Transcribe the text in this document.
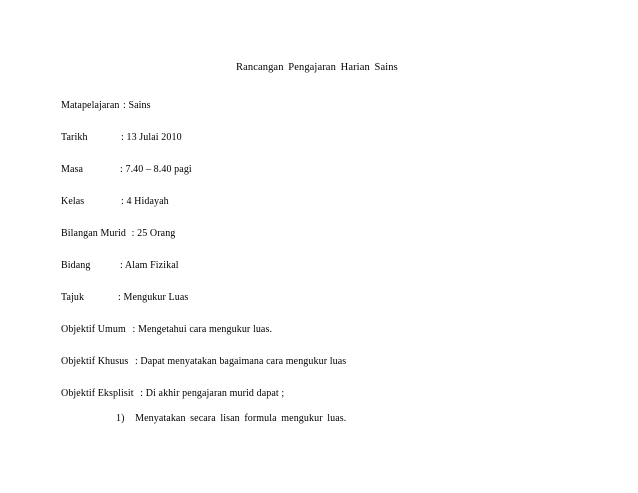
Rancangan Pengajaran Harian Sains
Matapelajaran : Sains
Tarikh	: 13 Julai 2010
Masa	: 7.40 – 8.40 pagi
Kelas	: 4 Hidayah
Bilangan Murid : 25 Orang
Bidang	: Alam Fizikal
Tajuk	: Mengukur Luas
Objektif Umum : Mengetahui cara mengukur luas.
Objektif Khusus : Dapat menyatakan bagaimana cara mengukur luas
Objektif Eksplisit : Di akhir pengajaran murid dapat ;
1) Menyatakan secara lisan formula mengukur luas.
